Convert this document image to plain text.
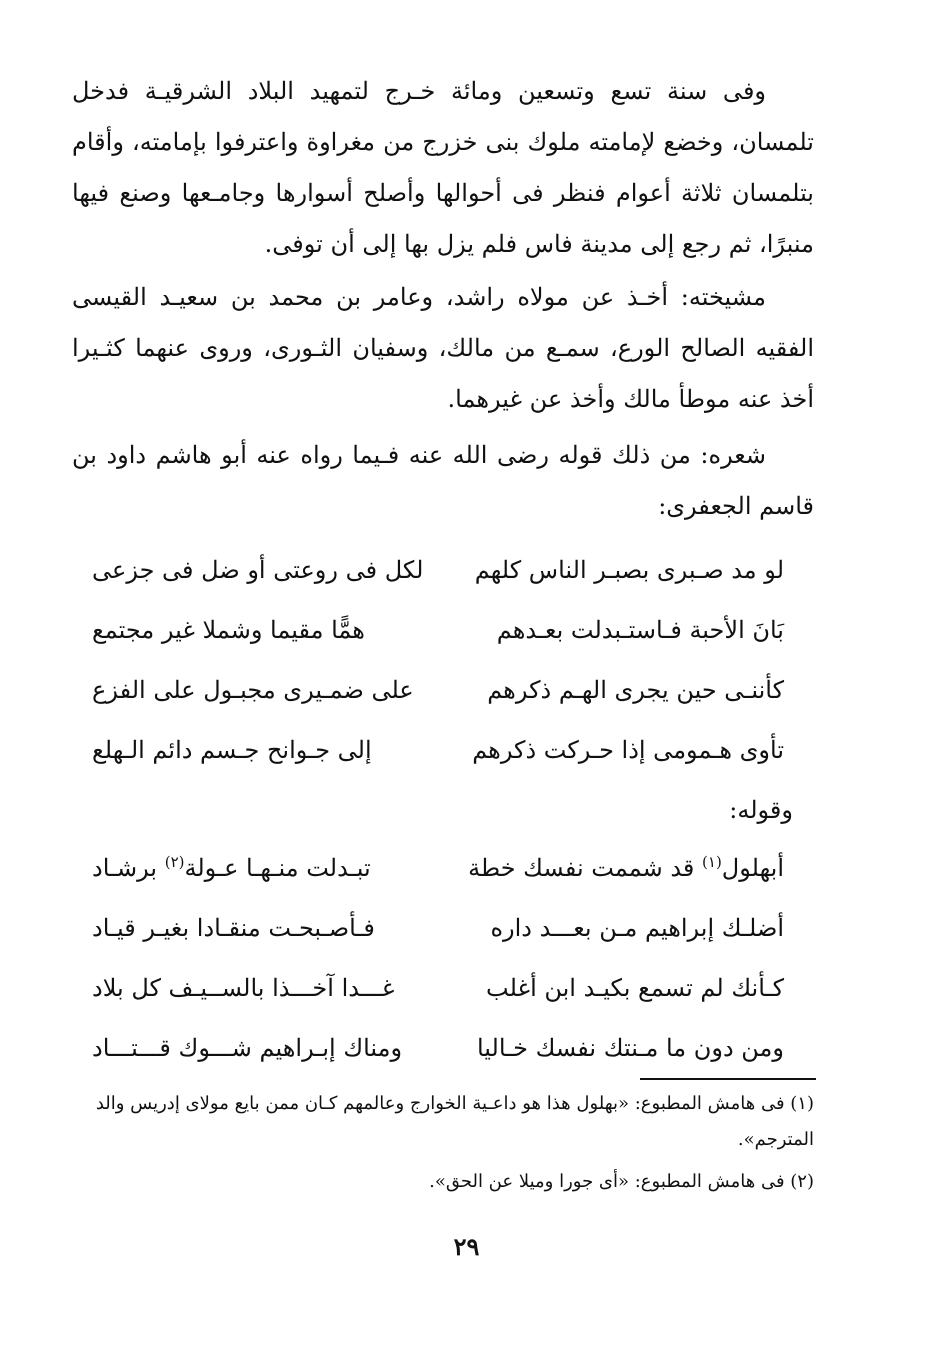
وفى سنة تسع وتسعين ومائة خـرج لتمهيد البلاد الشرقيـة فدخل تلمسان، وخضع لإمامته ملوك بنى خزرج من مغراوة واعترفوا بإمامته، وأقام بتلمسان ثلاثة أعوام فنظر فى أحوالها وأصلح أسوارها وجامـعها وصنع فيها منبرًا، ثم رجع إلى مدينة فاس فلم يزل بها إلى أن توفى.

مشيخته: أخـذ عن مولاه راشد، وعامر بن محمد بن سعيـد القيسى الفقيه الصالح الورع، سمـع من مالك، وسفيان الثـورى، وروى عنهما كثـيرا أخذ عنه موطأ مالك وأخذ عن غيرهما.

شعره: من ذلك قوله رضى الله عنه فـيما رواه عنه أبو هاشم داود بن قاسم الجعفرى:

لو مد صـبرى بصبـر الناس كلهم
لكل فى روعتى أو ضل فى جزعى
بَانَ الأحبة فـاستـبدلت بعـدهم
همًّا مقيما وشملا غير مجتمع
كأننـى حين يجرى الهـم ذكرهم
على ضمـيرى مجبـول على الفزع
تأوى هـمومى إذا حـركت ذكرهم
إلى جـوانح جـسم دائم الـهلع
وقوله:
أبهلول$^{(١)}$ قد شممت نفسك خطة
تبـدلت منـهـا عـولة$^{(٢)}$ برشـاد
أضلـك إبراهيم مـن بعـــد داره
فـأصـبحـت منقـادا بغيـر قيـاد
كـأنك لم تسمع بكيـد ابن أغلب
غـــدا آخـــذا بالســيـف كل بلاد
ومن دون ما مـنتك نفسك خـاليا
ومناك إبـراهيم شـــوك قـــتـــاد

(١) فى هامش المطبوع: «بهلول هذا هو داعـية الخوارج وعالمهم كـان ممن بايع مولاى إدريس والد المترجم».

(٢) فى هامش المطبوع: «أى جورا وميلا عن الحق».

٢٩
